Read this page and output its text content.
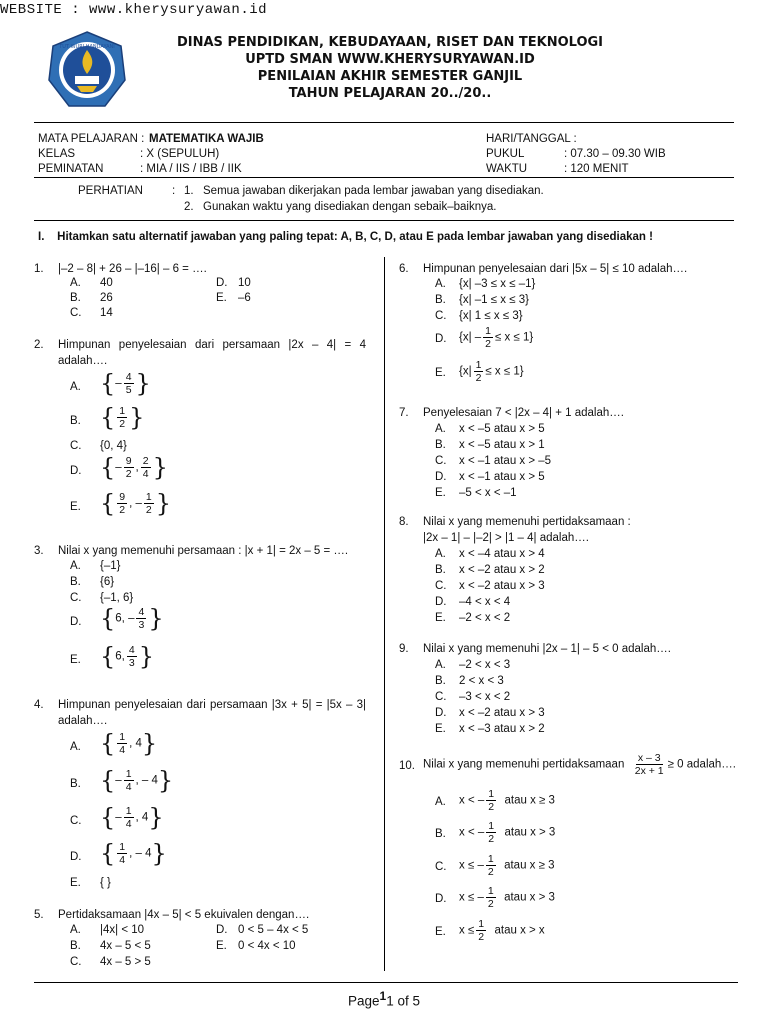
WEBSITE : www.kherysuryawan.id
TUT WURI HANDAYANI	DINAS PENDIDIKAN, KEBUDAYAAN, RISET DAN TEKNOLOGI
UPTD SMAN WWW.KHERYSURYAWAN.ID
PENILAIAN AKHIR SEMESTER GANJIL
TAHUN PELAJARAN 20../20..
MATA PELAJARAN : MATEMATIKA WAJIB
KELAS	: X (SEPULUH)
PEMINATAN	: MIA / IIS / IBB / IIK
HARI/TANGGAL :
PUKUL	: 07.30 – 09.30 WIB
WAKTU	: 120 MENIT
PERHATIAN	: 1. Semua jawaban dikerjakan pada lembar jawaban yang disediakan.
2. Gunakan waktu yang disediakan dengan sebaik–baiknya.
I. Hitamkan satu alternatif jawaban yang paling tepat: A, B, C, D, atau E pada lembar jawaban yang disediakan !
1. |–2 – 8| + 26 – |–16| – 6 = ….
A. 40
B. 26
C. 14
D. 10
E. –6
2. Himpunan penyelesaian dari persamaan |2x – 4| = 4 adalah….
A. {– $\frac{4}{5}$ }
B. { $\frac{1}{2}$ }
C. {0, 4}
D. {– $\frac{9}{2}$ , $\frac{2}{4}$ }
E. { $\frac{9}{2}$ , – $\frac{1}{2}$ }
3. Nilai x yang memenuhi persamaan : |x + 1| = 2x – 5 = ….
A. {–1}
B. {6}
C. {–1, 6}
D. {6, – $\frac{4}{3}$ }
E. {6, $\frac{4}{3}$ }
4. Himpunan penyelesaian dari persamaan |3x + 5| = |5x – 3| adalah….
A. { $\frac{1}{4}$ , 4}
B. {– $\frac{1}{4}$ , – 4}
C. {– $\frac{1}{4}$ , 4}
D. { $\frac{1}{4}$ , – 4}
E. { }
5. Pertidaksamaan |4x – 5| < 5 ekuivalen dengan….
A. |4x| < 10
B. 4x – 5 < 5
C. 4x – 5 > 5
D. 0 < 5 – 4x < 5
E. 0 < 4x < 10
6. Himpunan penyelesaian dari |5x – 5| ≤ 10 adalah….
A. {x| –3 ≤ x ≤ –1}
B. {x| –1 ≤ x ≤ 3}
C. {x| 1 ≤ x ≤ 3}
D. $\{x| - \frac{1}{2} \le x \le 1\}$
E. $\{x| \frac{1}{2} \le x \le 1\}$
7. Penyelesaian 7 < |2x – 4| + 1 adalah….
A. x < –5 atau x > 5
B. x < –5 atau x > 1
C. x < –1 atau x > –5
D. x < –1 atau x > 5
E. –5 < x < –1
8. Nilai x yang memenuhi pertidaksamaan :
|2x – 1| – |–2| > |1 – 4| adalah….
A. x < –4 atau x > 4
B. x < –2 atau x > 2
C. x < –2 atau x > 3
D. –4 < x < 4
E. –2 < x < 2
9. Nilai x yang memenuhi |2x – 1| – 5 < 0 adalah….
A. –2 < x < 3
B. 2 < x < 3
C. –3 < x < 2
D. x < –2 atau x > 3
E. x < –3 atau x > 2
10. Nilai x yang memenuhi pertidaksamaan $\frac{x - 3}{2x + 1} \ge 0$ adalah….
A. x < – $\frac{1}{2}$ atau x ≥ 3
B. x < – $\frac{1}{2}$ atau x > 3
C. x ≤ – $\frac{1}{2}$ atau x ≥ 3
D. x ≤ – $\frac{1}{2}$ atau x > 3
E. $x \le \frac{1}{2}$ atau x > x
Page$^1$1 of 5
